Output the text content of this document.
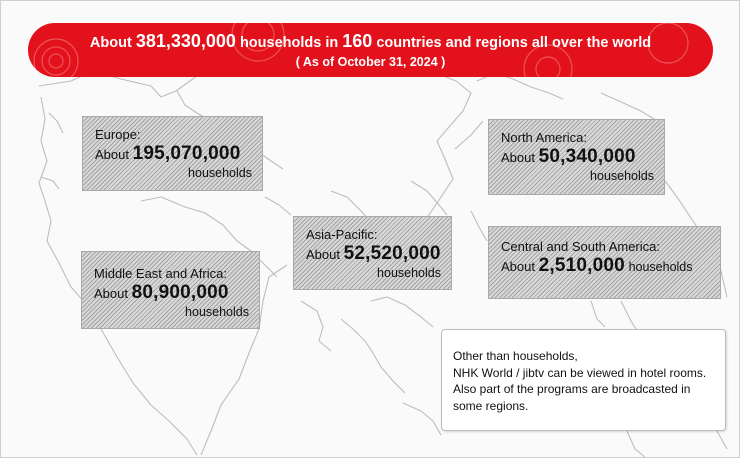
About 381,330,000 households in 160 countries and regions all over the world
( As of October 31, 2024 )
Europe:
About 195,070,000
households
Middle East and Africa:
About 80,900,000
households
Asia-Pacific:
About 52,520,000
households
North America:
About 50,340,000
households
Central and South America:
About 2,510,000 households
Other than households,
NHK World / jibtv can be viewed in hotel rooms.
Also part of the programs are broadcasted in
some regions.
